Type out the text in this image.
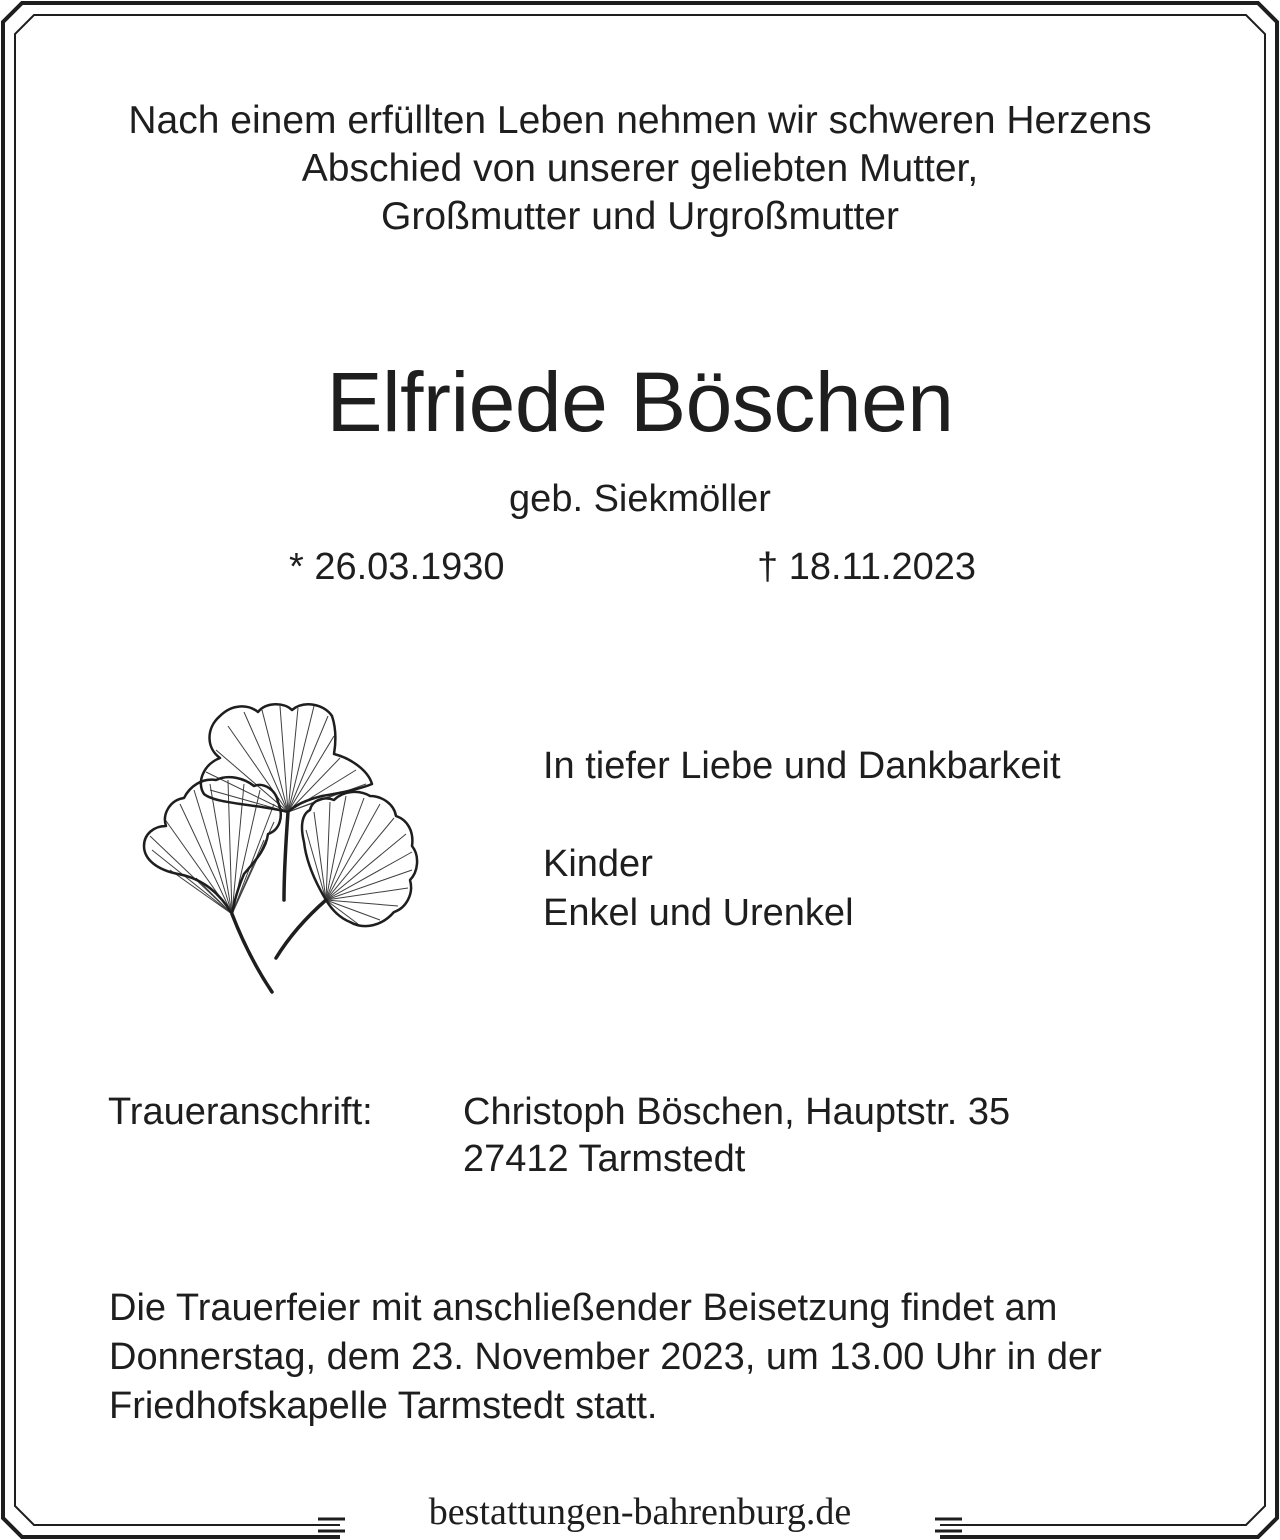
Nach einem erfüllten Leben nehmen wir schweren Herzens
Abschied von unserer geliebten Mutter,
Großmutter und Urgroßmutter
Elfriede Böschen
geb. Siekmöller
* 26.03.1930	† 18.11.2023
In tiefer Liebe und Dankbarkeit
Kinder
Enkel und Urenkel
Traueranschrift: Christoph Böschen, Hauptstr. 35
27412 Tarmstedt
Die Trauerfeier mit anschließender Beisetzung findet am
Donnerstag, dem 23. November 2023, um 13.00 Uhr in der
Friedhofskapelle Tarmstedt statt.
bestattungen-bahrenburg.de
